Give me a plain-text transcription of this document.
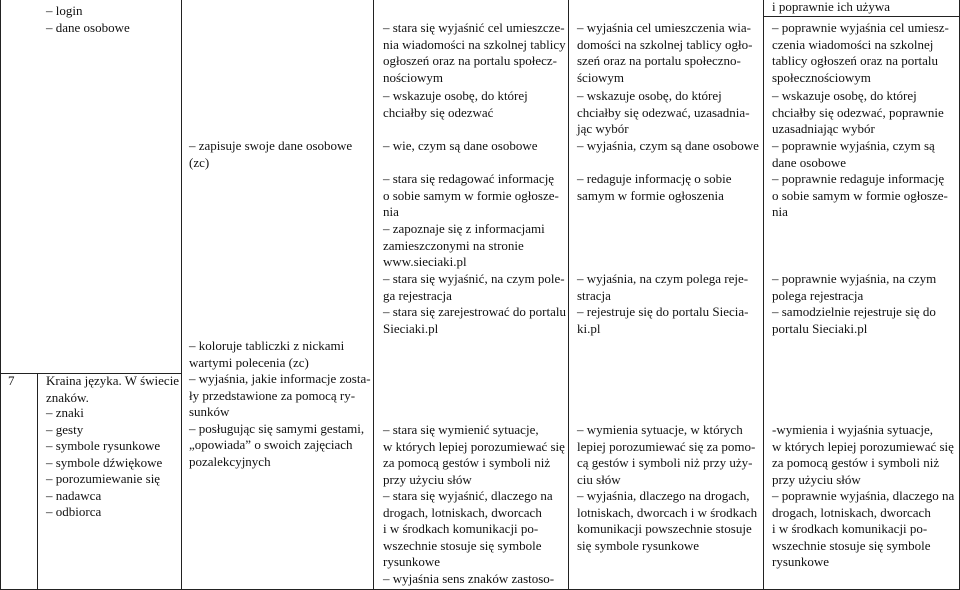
i poprawnie ich używa
– login
– dane osobowe	– stara się wyjaśnić cel umieszcze-
nia wiadomości na szkolnej tablicy
ogłoszeń oraz na portalu społecz-
nościowym
– wyjaśnia cel umieszczenia wia-
domości na szkolnej tablicy ogło-
szeń oraz na portalu społeczno-
ściowym
– poprawnie wyjaśnia cel umiesz-
czenia wiadomości na szkolnej
tablicy ogłoszeń oraz na portalu
społecznościowym
– wskazuje osobę, do której
chciałby się odezwać
– wskazuje osobę, do której
chciałby się odezwać, uzasadnia-
jąc wybór
– wskazuje osobę, do której
chciałby się odezwać, poprawnie
uzasadniając wybór
– zapisuje swoje dane osobowe
(zc)
– wie, czym są dane osobowe	– wyjaśnia, czym są dane osobowe – poprawnie wyjaśnia, czym są
dane osobowe
– stara się redagować informację
o sobie samym w formie ogłosze-
nia
– redaguje informację o sobie
samym w formie ogłoszenia
– poprawnie redaguje informację
o sobie samym w formie ogłosze-
nia
– zapoznaje się z informacjami
zamieszczonymi na stronie
www.sieciaki.pl
– stara się wyjaśnić, na czym pole-
ga rejestracja
– wyjaśnia, na czym polega reje-
stracja
– poprawnie wyjaśnia, na czym
polega rejestracja
– stara się zarejestrować do portalu
Sieciaki.pl
– rejestruje się do portalu Siecia-
ki.pl
– samodzielnie rejestruje się do
portalu Sieciaki.pl
7 Kraina języka. W świecie
znaków.
– znaki
– gesty
– symbole rysunkowe
– symbole dźwiękowe
– porozumiewanie się
– nadawca
– odbiorca
– koloruje tabliczki z nickami
wartymi polecenia (zc)
– wyjaśnia, jakie informacje zosta-
ły przedstawione za pomocą ry-
sunków
– posługując się samymi gestami,
„opowiada” o swoich zajęciach
pozalekcyjnych
– stara się wymienić sytuacje,
w których lepiej porozumiewać się
za pomocą gestów i symboli niż
przy użyciu słów
– wymienia sytuacje, w których
lepiej porozumiewać się za pomo-
cą gestów i symboli niż przy uży-
ciu słów
-wymienia i wyjaśnia sytuacje,
w których lepiej porozumiewać się
za pomocą gestów i symboli niż
przy użyciu słów
– stara się wyjaśnić, dlaczego na
drogach, lotniskach, dworcach
i w środkach komunikacji po-
wszechnie stosuje się symbole
rysunkowe
– wyjaśnia, dlaczego na drogach,
lotniskach, dworcach i w środkach
komunikacji powszechnie stosuje
się symbole rysunkowe
– poprawnie wyjaśnia, dlaczego na
drogach, lotniskach, dworcach
i w środkach komunikacji po-
wszechnie stosuje się symbole
rysunkowe
– wyjaśnia sens znaków zastoso-
